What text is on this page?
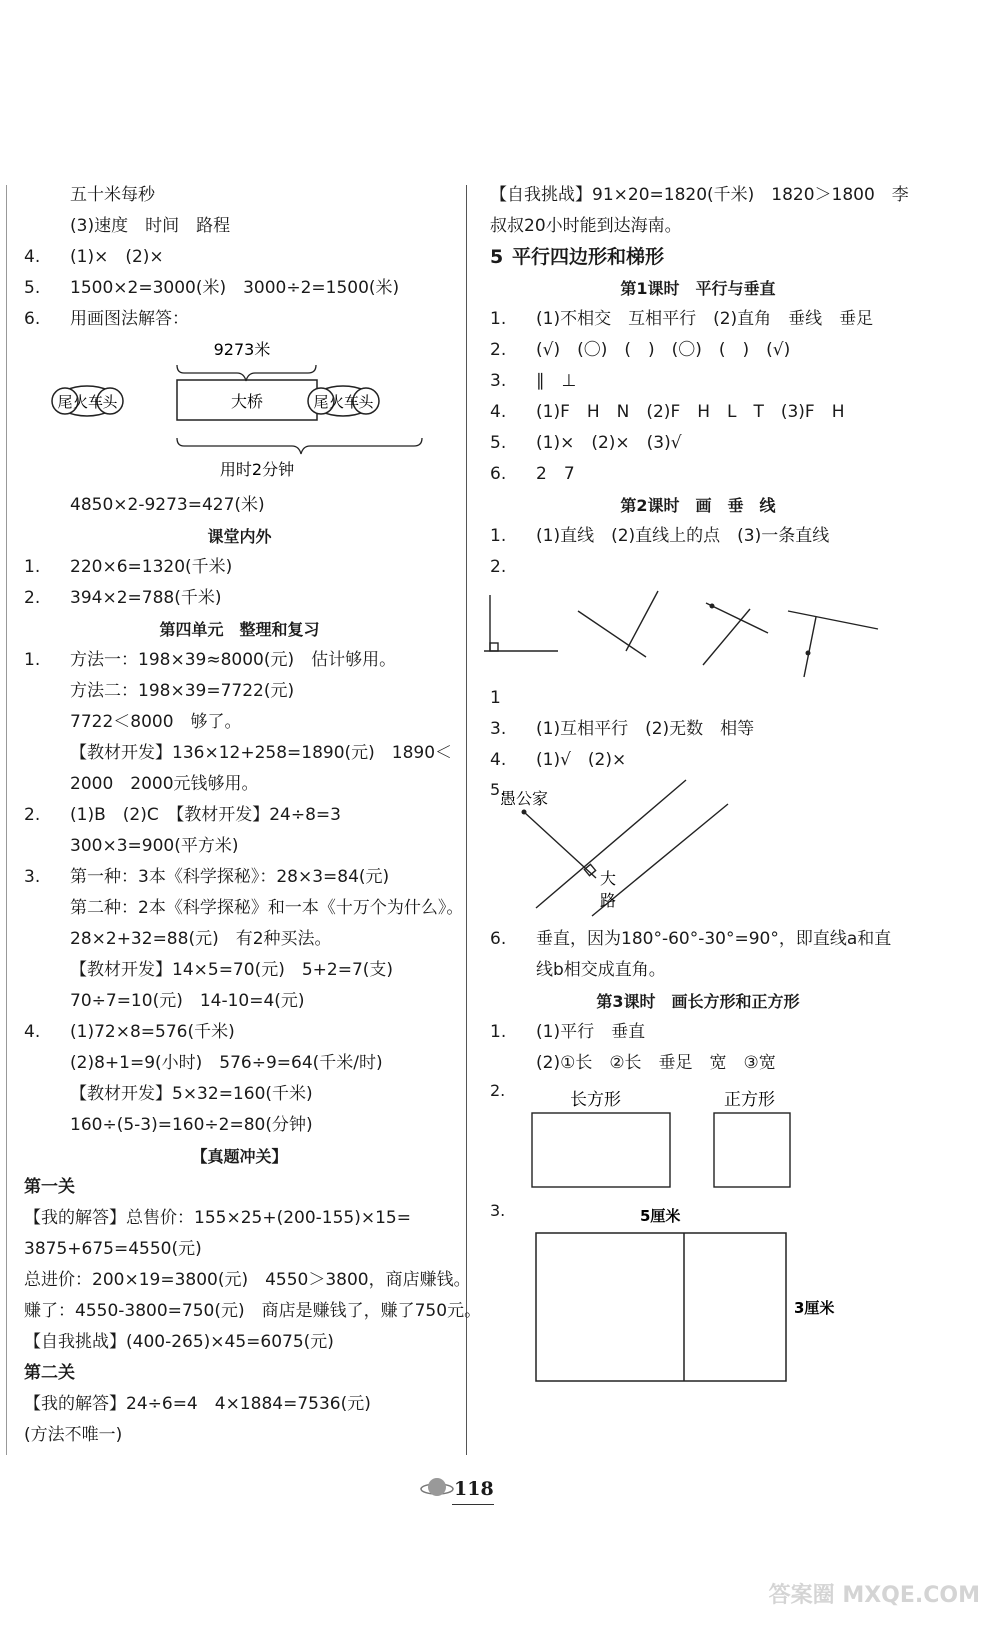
五十米每秒
(3)速度　时间　路程
4. (1)×　(2)×
5. 1500×2=3000(米)　3000÷2=1500(米)
6. 用画图法解答：
9273米
尾 火车 头	大桥	尾 火车 头
用时2分钟
4850×2-9273=427(米)
课堂内外
1. 220×6=1320(千米)
2. 394×2=788(千米)
第四单元　整理和复习
1. 方法一：198×39≈8000(元)　估计够用。
方法二：198×39=7722(元)
7722＜8000　够了。
【教材开发】136×12+258=1890(元)　1890＜
2000　2000元钱够用。
2. (1)B　(2)C　【教材开发】24÷8=3
300×3=900(平方米)
3. 第一种：3本《科学探秘》：28×3=84(元)
第二种：2本《科学探秘》和一本《十万个为什么》。
28×2+32=88(元)　有2种买法。
【教材开发】14×5=70(元)　5+2=7(支)
70÷7=10(元)　14-10=4(元)
4. (1)72×8=576(千米)
(2)8+1=9(小时)　576÷9=64(千米/时)
【教材开发】5×32=160(千米)
160÷(5-3)=160÷2=80(分钟)
【真题冲关】
第一关
【我的解答】总售价：155×25+(200-155)×15=
3875+675=4550(元)
总进价：200×19=3800(元)　4550＞3800，商店赚钱。
赚了：4550-3800=750(元)　商店是赚钱了，赚了750元。
【自我挑战】(400-265)×45=6075(元)
第二关
【我的解答】24÷6=4　4×1884=7536(元)
(方法不唯一)
【自我挑战】91×20=1820(千米)　1820＞1800　李
叔叔20小时能到达海南。
5 平行四边形和梯形
第1课时　平行与垂直
1. (1)不相交　互相平行　(2)直角　垂线　垂足
2. (√)　(〇)　(　)　(〇)　(　)　(√)
3. ∥　⊥
4. (1)F　H　N　(2)F　H　L　T　(3)F　H
5. (1)×　(2)×　(3)√
6. 2　7
第2课时　画　垂　线
1. (1)直线　(2)直线上的点　(3)一条直线
2.
1
3. (1)互相平行　(2)无数　相等
4. (1)√　(2)×
5.
愚公家
大
路
6. 垂直，因为180°-60°-30°=90°，即直线a和直
线b相交成直角。
第3课时　画长方形和正方形
1. (1)平行　垂直
(2)①长　②长　垂足　宽　③宽
2.	长方形	正方形
3.	5厘米
3厘米
118
答案圈 MXQE.COM
